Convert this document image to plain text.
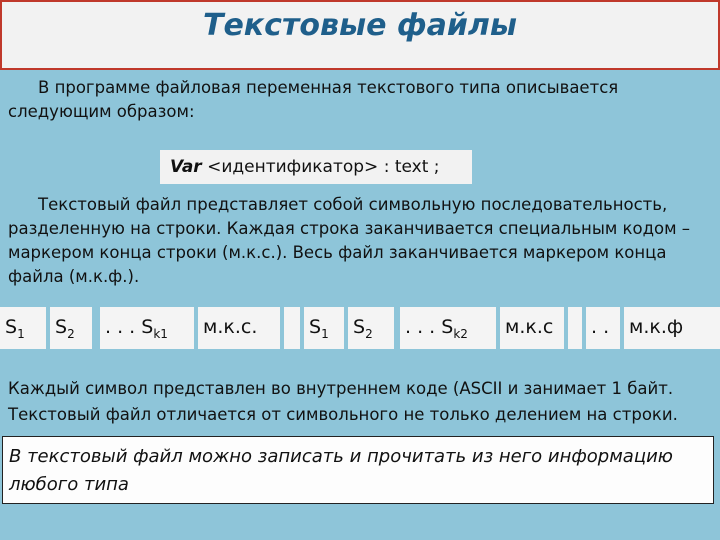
Текстовые файлы
В программе файловая переменная текстового типа описывается следующим образом:
Var <идентификатор> : text ;
Текстовый файл представляет собой символьную последовательность, разделенную на строки. Каждая строка заканчивается специальным кодом – маркером конца строки (м.к.с.). Весь файл заканчивается маркером конца файла (м.к.ф.).
$S_1$	$S_2$	. . . $S_{k1}$	м.к.с.	$S_1$	$S_2$	. . . $S_{k2}$	м.к.с	. .	м.к.ф
Каждый символ представлен во внутреннем коде (ASCII и занимает 1 байт. Текстовый файл отличается от символьного не только делением на строки.
В текстовый файл можно записать и прочитать из него информацию любого типа
